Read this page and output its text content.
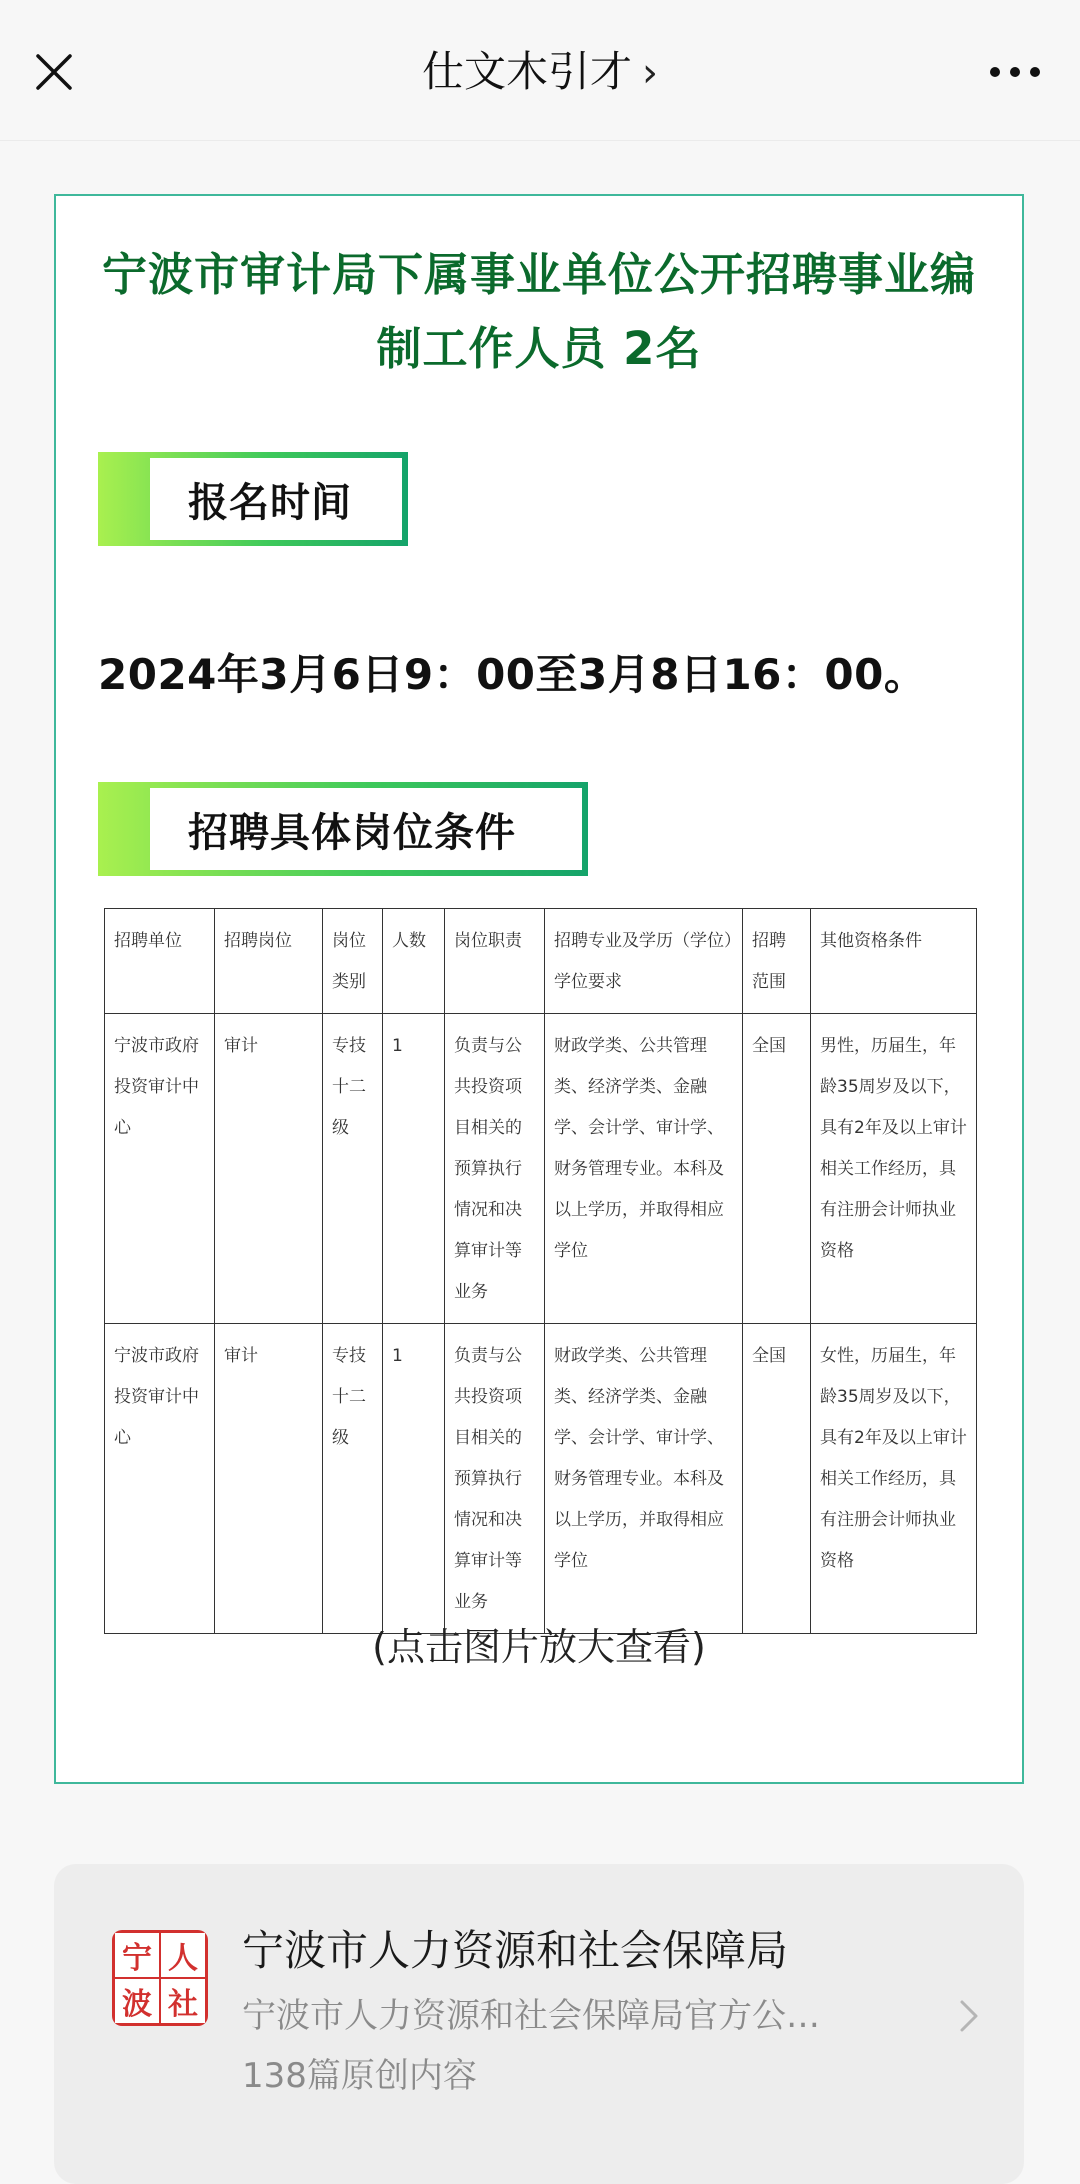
仕文木引才 ›
宁波市审计局下属事业单位公开招聘事业编制工作人员 2名
报名时间
2024年3月6日9：00至3月8日16：00。
招聘具体岗位条件
招聘单位	招聘岗位	岗位类别	人数	岗位职责	招聘专业及学历（学位）学位要求	招聘范围	其他资格条件
宁波市政府投资审计中心	审计	专技十二级	1	负责与公共投资项目相关的预算执行情况和决算审计等业务	财政学类、公共管理类、经济学类、金融学、会计学、审计学、财务管理专业。本科及以上学历，并取得相应学位	全国	男性，历届生，年龄35周岁及以下，具有2年及以上审计相关工作经历，具有注册会计师执业资格
宁波市政府投资审计中心	审计	专技十二级	1	负责与公共投资项目相关的预算执行情况和决算审计等业务	财政学类、公共管理类、经济学类、金融学、会计学、审计学、财务管理专业。本科及以上学历，并取得相应学位	全国	女性，历届生，年龄35周岁及以下，具有2年及以上审计相关工作经历，具有注册会计师执业资格
(点击图片放大查看)
宁 人
波 社
宁波市人力资源和社会保障局
宁波市人力资源和社会保障局官方公…
138篇原创内容
